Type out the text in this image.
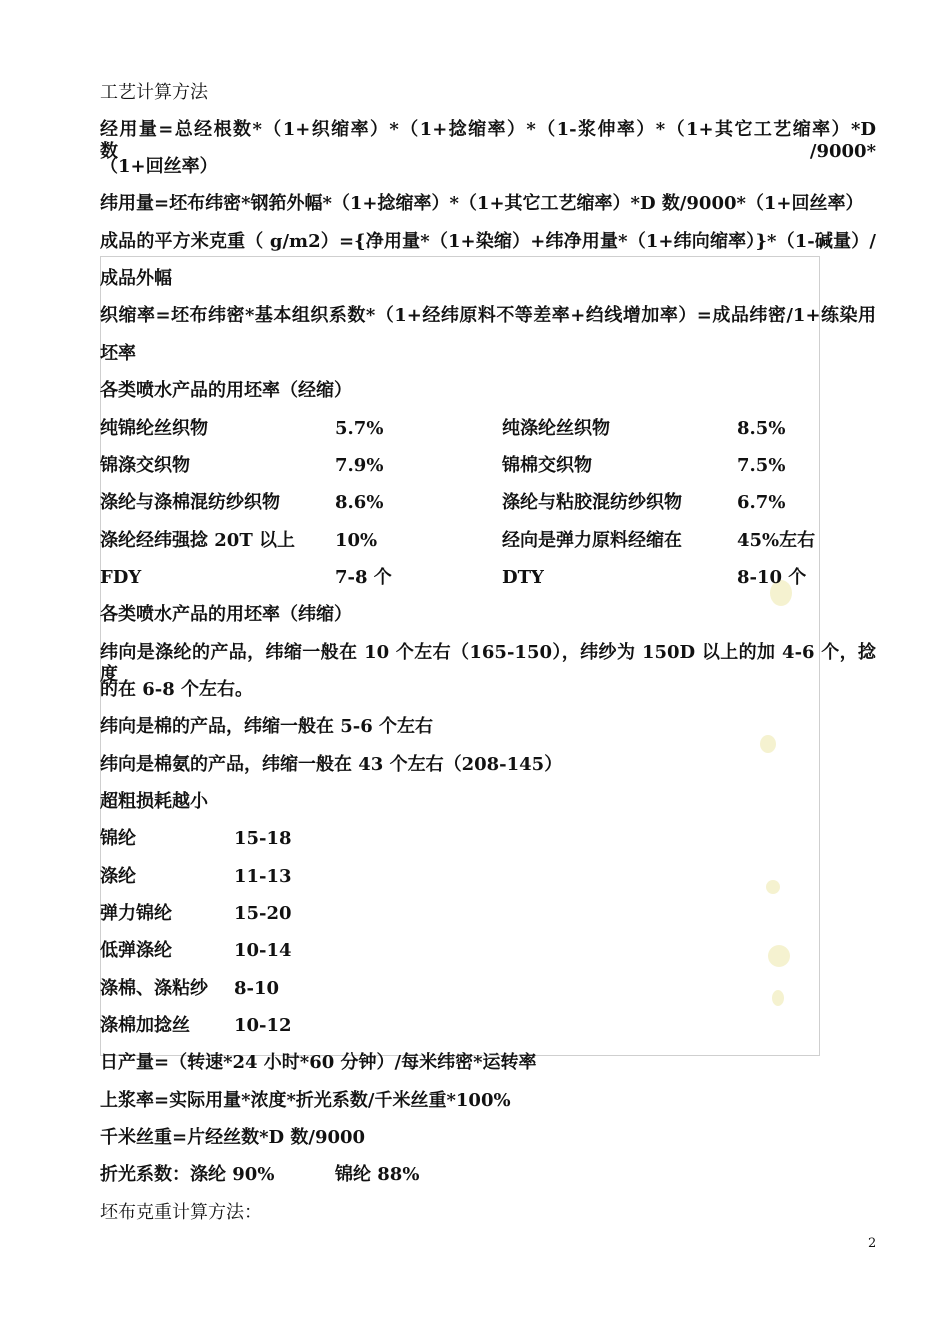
工艺计算方法
经用量=总经根数*（1+织缩率）*（1+捻缩率）*（1-浆伸率）*（1+其它工艺缩率）*D 数/9000*
（1+回丝率）
纬用量=坯布纬密*钢筘外幅*（1+捻缩率）*（1+其它工艺缩率）*D 数/9000*（1+回丝率）
成品的平方米克重（ g/m2）={净用量*（1+染缩）+纬净用量*（1+纬向缩率）}*（1-碱量）/
成品外幅
织缩率=坯布纬密*基本组织系数*（1+经纬原料不等差率+绉线增加率）=成品纬密/1+练染用
坯率
各类喷水产品的用坯率（经缩）
纯锦纶丝织物	5.7%	纯涤纶丝织物	8.5%
锦涤交织物	7.9%	锦棉交织物	7.5%
涤纶与涤棉混纺纱织物	8.6%	涤纶与粘胶混纺纱织物	6.7%
涤纶经纬强捻 20T 以上 10%	经向是弹力原料经缩在	45%左右
FDY	7-8 个	DTY	8-10 个
各类喷水产品的用坯率（纬缩）
纬向是涤纶的产品，纬缩一般在 10 个左右（165-150），纬纱为 150D 以上的加 4-6 个，捻度
的在 6-8 个左右。
纬向是棉的产品，纬缩一般在 5-6 个左右
纬向是棉氨的产品，纬缩一般在 43 个左右（208-145）
超粗损耗越小
锦纶	15-18
涤纶	11-13
弹力锦纶	15-20
低弹涤纶	10-14
涤棉、涤粘纱 8-10
涤棉加捻丝 10-12
日产量=（转速*24 小时*60 分钟）/每米纬密*运转率
上浆率=实际用量*浓度*折光系数/千米丝重*100%
千米丝重=片经丝数*D 数/9000
折光系数：涤纶 90%	锦纶 88%
坯布克重计算方法：
2
